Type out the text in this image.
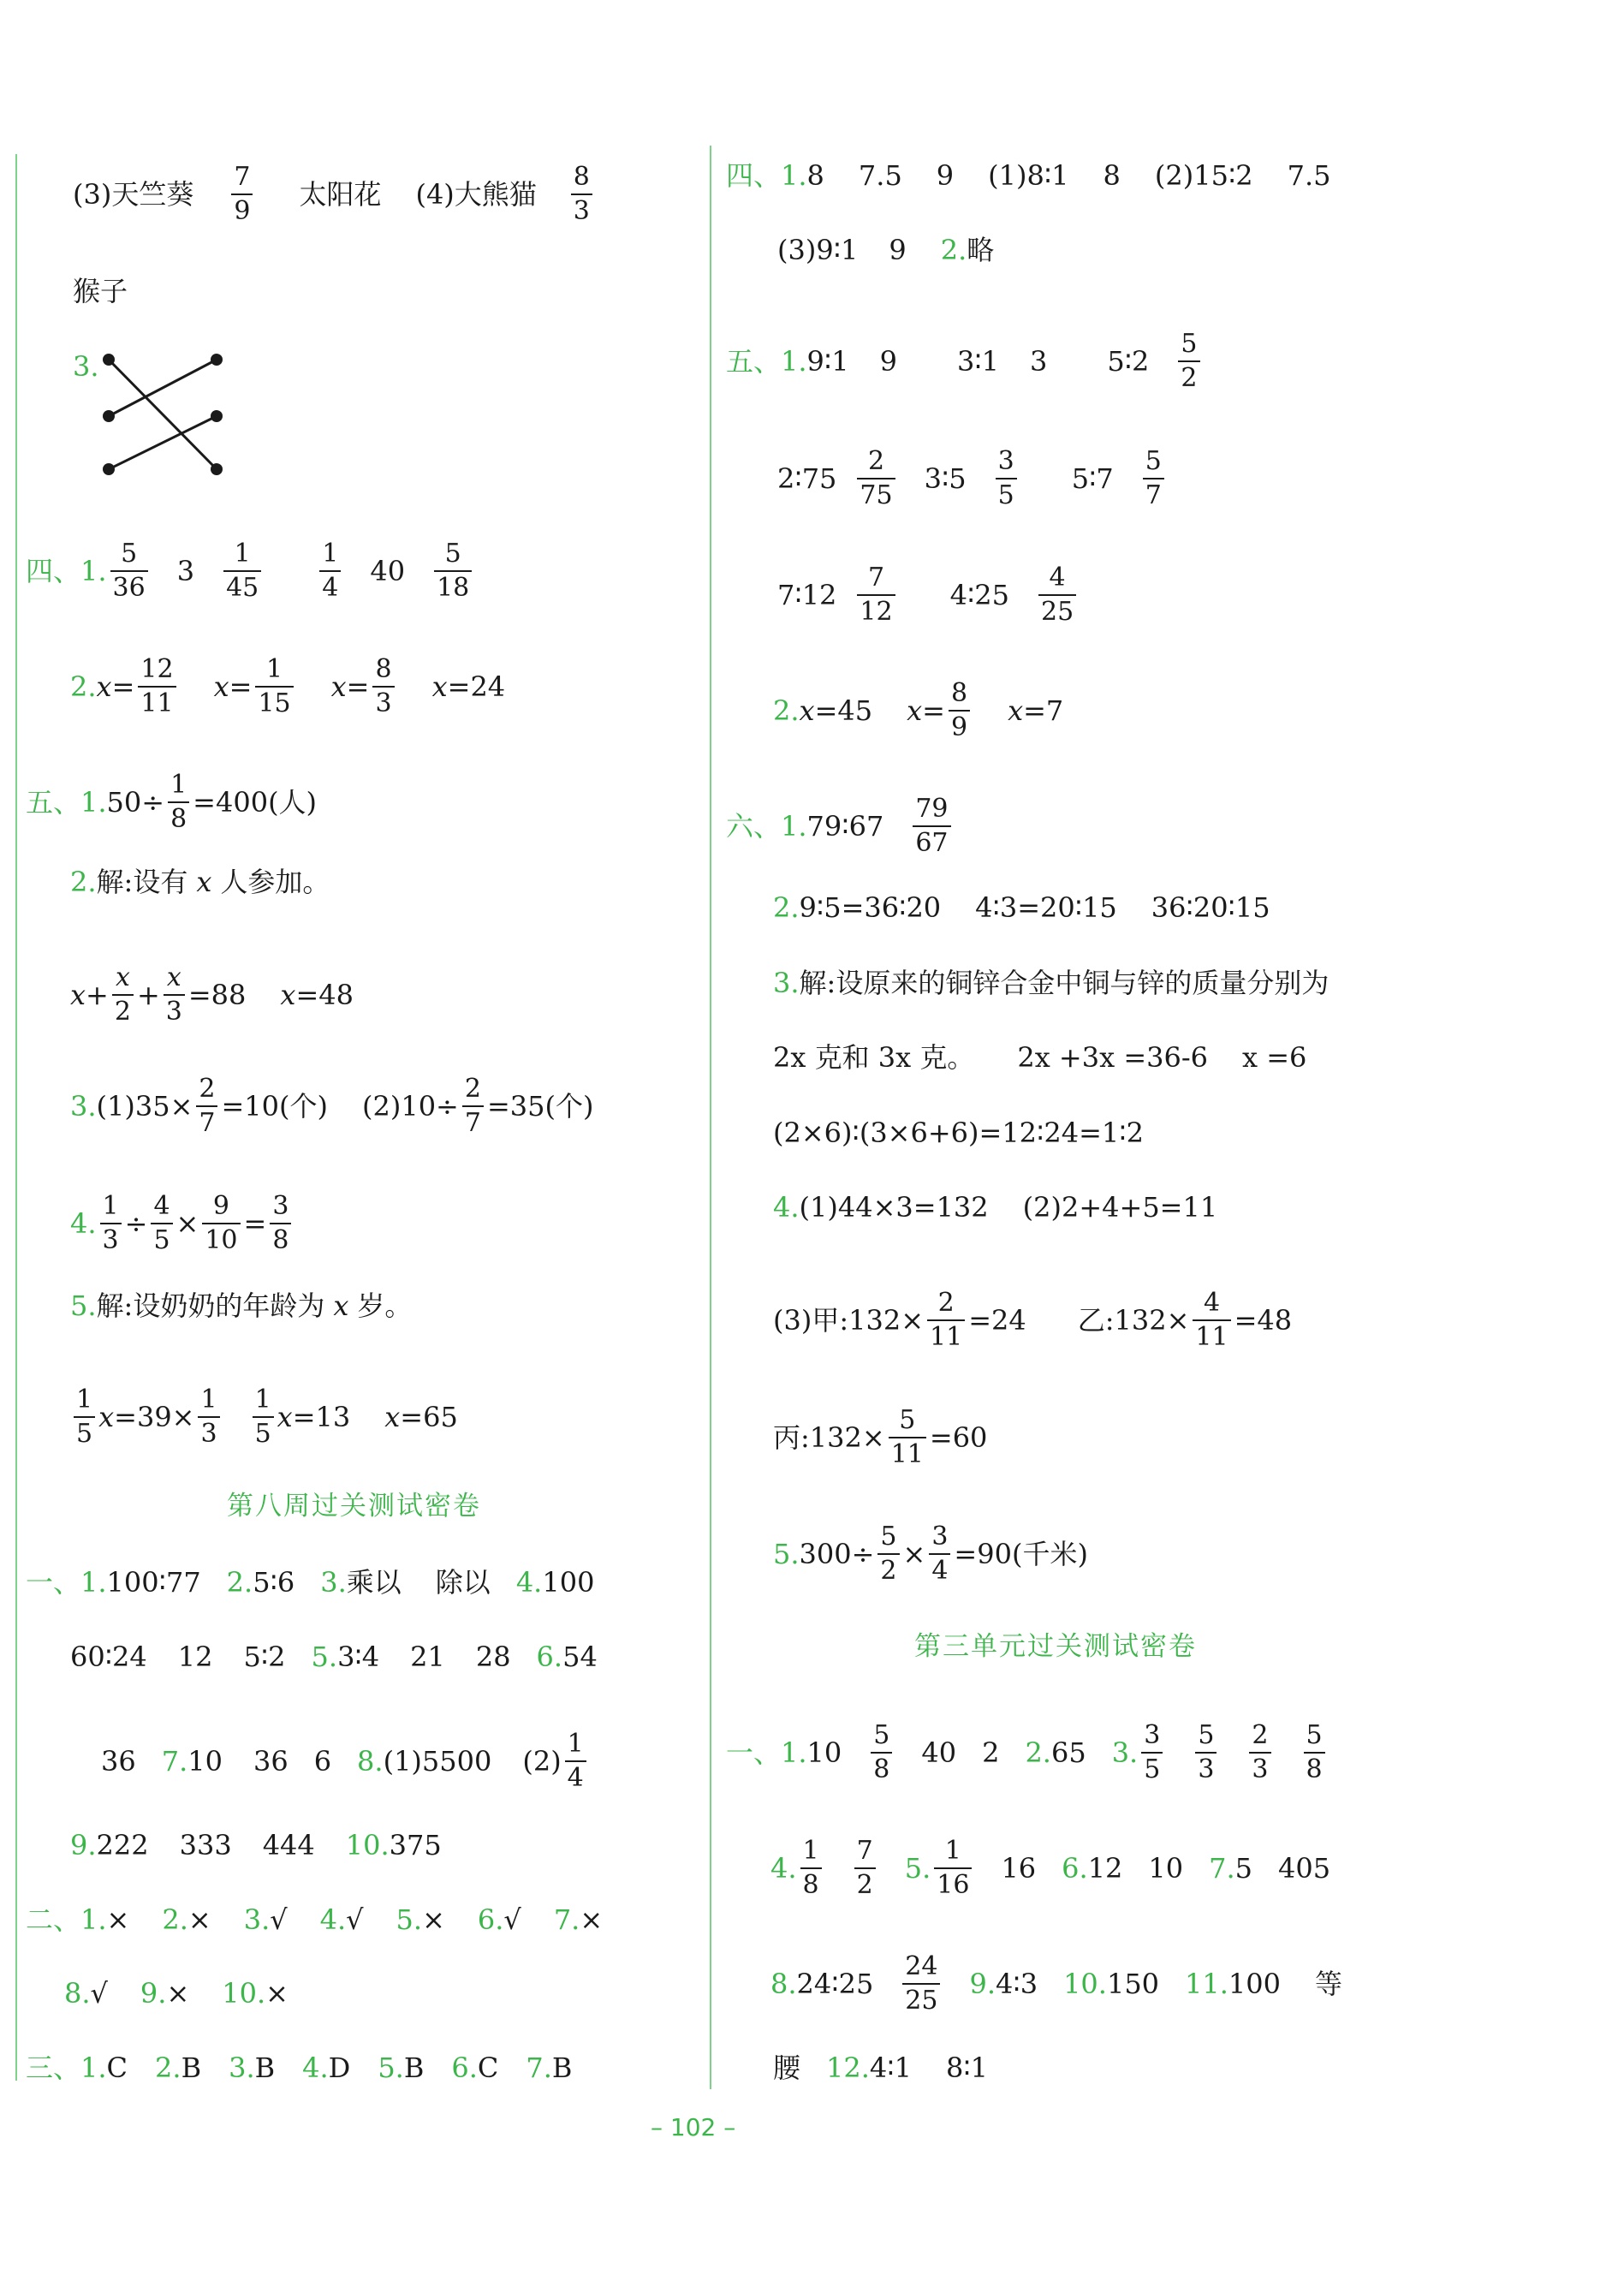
(3)天竺葵 $\frac{7}{9}$ 太阳花 (4)大熊猫 $\frac{8}{3}$
猴子
3.
四、 1. $\frac{5}{36} 3 \frac{1}{45} \frac{1}{4} 40 \frac{5}{18}$
2. $x = \frac{12}{11}$ $x = \frac{1}{15}$ $x = \frac{8}{3}$ x =24
五、 1. $50\div \frac{1}{8} =400$(人)
2. 解:设有 x 人参加。
$x + \frac{x}{2} + \frac{x}{3} =88$ x =48
3. $(1)35\times \frac{2}{7} =10$(个) $(2)10\div \frac{2}{7} =35$(个)
4. $\frac{1}{3} \div \frac{4}{5} \times \frac{9}{10} = \frac{3}{8}$
5. 解:设奶奶的年龄为 x 岁。
$\frac{1}{5}$ $x =39\times \frac{1}{3} \frac{1}{5}$ x =13 x =65
第八周过关测试密卷
一、 1. 100∶77 2. 5∶6 3. 乘以 除以 4. 100
60∶24 12 5∶2 5. 3∶4 21 28 6. 54
36 7. 10 36 6 8. (1)5500 $(2) \frac{1}{4}$
9. 222 333 444 10. 375
二、 1. × 2. × 3. √ 4. √ 5. × 6. √ 7. ×
8. √ 9. × 10. ×
三、 1. C 2. B 3. B 4. D 5. B 6. C 7. B
四、 1. 8 7.5 9 (1)8∶1 8 (2)15∶2 7.5
(3)9∶1 9 2. 略
五、 1. 9∶1 9 3∶1 3 5∶2 $\frac{5}{2}$
2∶75 $\frac{2}{75}$ 3∶5 $\frac{3}{5}$ 5∶7 $\frac{5}{7}$
7∶12 $\frac{7}{12}$ 4∶25 $\frac{4}{25}$
2. x =45 $x = \frac{8}{9}$ x =7
六、 1. 79∶67 $\frac{79}{67}$
2. 9∶5=36∶20 4∶3=20∶15 36∶20∶15
3. 解:设原来的铜锌合金中铜与锌的质量分别为
2x 克和 3x 克。 2x +3x =36-6 x =6
(2×6)∶(3×6+6)=12∶24=1∶2
4. (1)44×3=132 (2)2+4+5=11
(3)甲:132× $\frac{2}{11} =24$ 乙:132× $\frac{4}{11} =48$
丙:132× $\frac{5}{11} =60$
5. $300\div \frac{5}{2} \times \frac{3}{4} =90$(千米)
第三单元过关测试密卷
一、 1. $10 \frac{5}{8} 40$ 2 2. 65 3. $\frac{3}{5} \frac{5}{3} \frac{2}{3} \frac{5}{8}$
4. $\frac{1}{8} \frac{7}{2} 5$. $\frac{1}{16} 16$ 6. 12 10 7. 5 405
8. 24∶25 $\frac{24}{25} 9$. 4∶3 10. 150 11. 100 等
腰 12. 4∶1 8∶1
– 102 –
